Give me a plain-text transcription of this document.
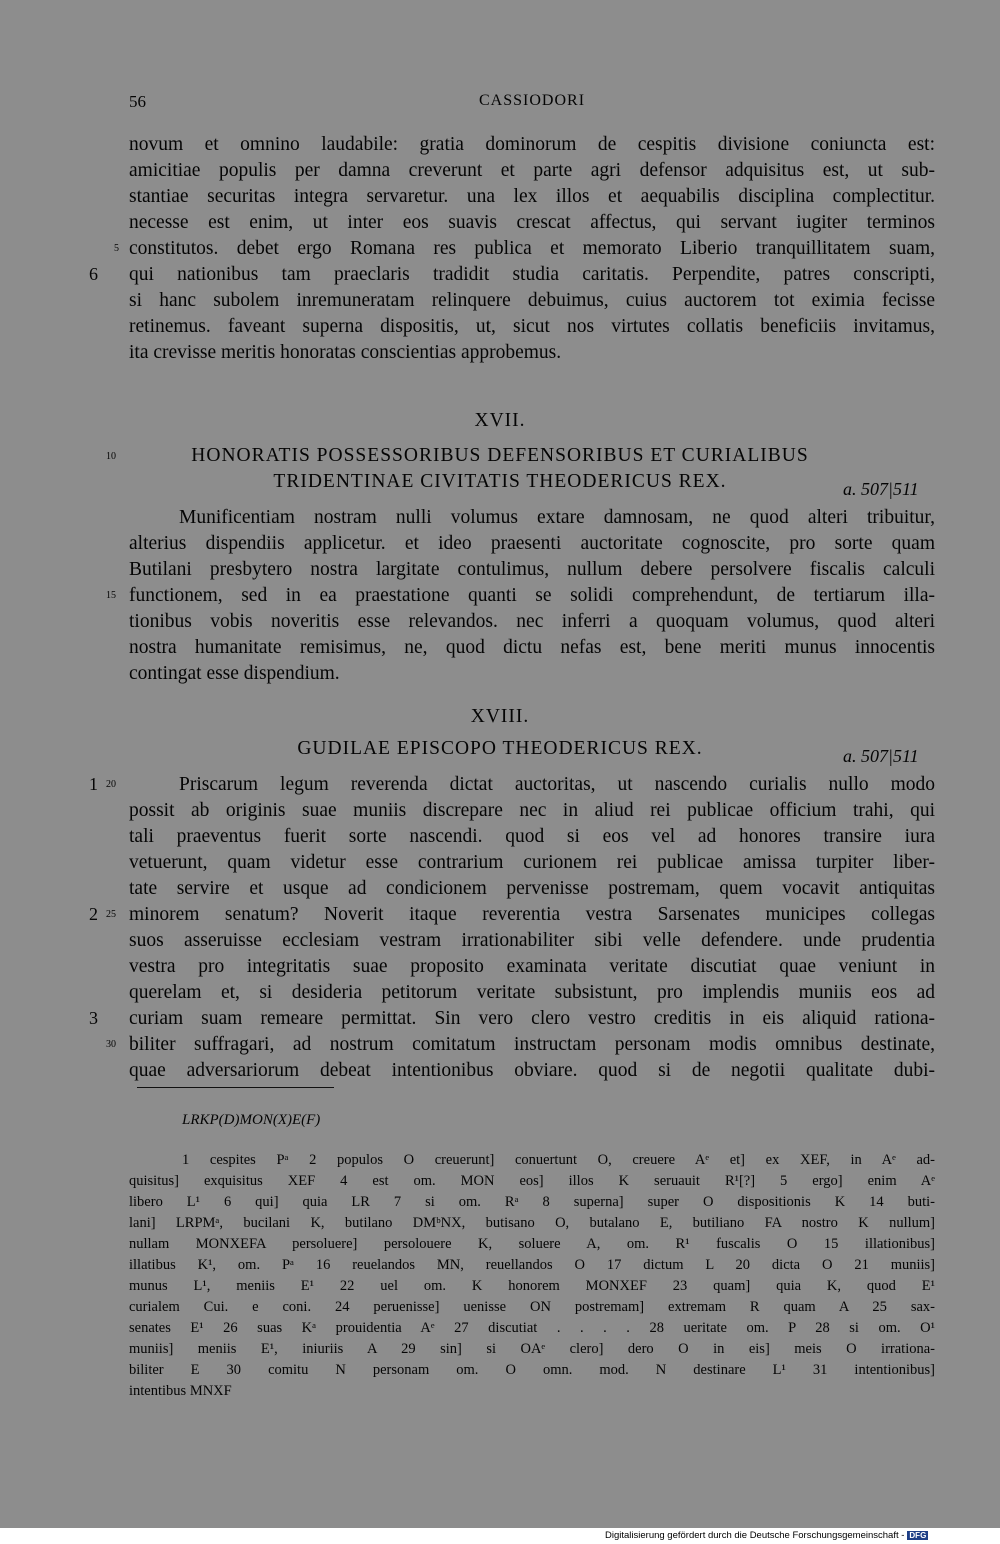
56	CASSIODORI
novum et omnino laudabile: gratia dominorum de cespitis divisione coniuncta est:
amicitiae populis per damna creverunt et parte agri defensor adquisitus est, ut sub-
stantiae securitas integra servaretur. una lex illos et aequabilis disciplina complectitur.
necesse est enim, ut inter eos suavis crescat affectus, qui servant iugiter terminos
constitutos. debet ergo Romana res publica et memorato Liberio tranquillitatem suam,
qui nationibus tam praeclaris tradidit studia caritatis. Perpendite, patres conscripti,
si hanc subolem inremuneratam relinquere debuimus, cuius auctorem tot eximia fecisse
retinemus. faveant superna dispositis, ut, sicut nos virtutes collatis beneficiis invitamus,
ita crevisse meritis honoratas conscientias approbemus.
XVII.
HONORATIS POSSESSORIBUS DEFENSORIBUS ET CURIALIBUS
TRIDENTINAE CIVITATIS THEODERICUS REX.	a. 507|511
Munificentiam nostram nulli volumus extare damnosam, ne quod alteri tribuitur,
alterius dispendiis applicetur. et ideo praesenti auctoritate cognoscite, pro sorte quam
Butilani presbytero nostra largitate contulimus, nullum debere persolvere fiscalis calculi
functionem, sed in ea praestatione quanti se solidi comprehendunt, de tertiarum illa-
tionibus vobis noveritis esse relevandos. nec inferri a quoquam volumus, quod alteri
nostra humanitate remisimus, ne, quod dictu nefas est, bene meriti munus innocentis
contingat esse dispendium.
XVIII.
GUDILAE EPISCOPO THEODERICUS REX.	a. 507|511
Priscarum legum reverenda dictat auctoritas, ut nascendo curialis nullo modo
possit ab originis suae muniis discrepare nec in aliud rei publicae officium trahi, qui
tali praeventus fuerit sorte nascendi. quod si eos vel ad honores transire iura
vetuerunt, quam videtur esse contrarium curionem rei publicae amissa turpiter liber-
tate servire et usque ad condicionem pervenisse postremam, quem vocavit antiquitas
minorem senatum? Noverit itaque reverentia vestra Sarsenates municipes collegas
suos asseruisse ecclesiam vestram irrationabiliter sibi velle defendere. unde prudentia
vestra pro integritatis suae proposito examinata veritate discutiat quae veniunt in
querelam et, si desideria petitorum veritate subsistunt, pro implendis muniis eos ad
curiam suam remeare permittat. Sin vero clero vestro creditis in eis aliquid rationa-
biliter suffragari, ad nostrum comitatum instructam personam modis omnibus destinate,
quae adversariorum debeat intentionibus obviare. quod si de negotii qualitate dubi-
5
10
15
20
25
30
6
1
2
3
LRKP(D)MON(X)E(F)
1 cespites Pᵃ 2 populos O creuerunt] conuertunt O, creuere Aᵉ et] ex XEF, in Aᵉ ad-
quisitus] exquisitus XEF 4 est om. MON eos] illos K seruauit R¹[?] 5 ergo] enim Aᵉ
libero L¹ 6 qui] quia LR 7 si om. Rᵃ 8 superna] super O dispositionis K 14 buti-
lani] LRPMᵃ, bucilani K, butilano DMᵇNX, butisano O, butalano E, butiliano FA nostro K nullum]
nullam MONXEFA persoluere] persolouere K, soluere A, om. R¹ fuscalis O 15 illationibus]
illatibus K¹, om. Pᵃ 16 reuelandos MN, reuellandos O 17 dictum L 20 dicta O 21 muniis]
munus L¹, meniis E¹ 22 uel om. K honorem MONXEF 23 quam] quia K, quod E¹
curialem Cui. e coni. 24 peruenisse] uenisse ON postremam] extremam R quam A 25 sax-
senates E¹ 26 suas Kᵃ prouidentia Aᵉ 27 discutiat . . . . 28 ueritate om. P 28 si om. O¹
muniis] meniis E¹, iniuriis A 29 sin] si OAᵉ clero] dero O in eis] meis O irrationa-
biliter E 30 comitu N personam om. O omn. mod. N destinare L¹ 31 intentionibus]
intentibus MNXF
Digitalisierung gefördert durch die Deutsche Forschungsgemeinschaft - DFG
